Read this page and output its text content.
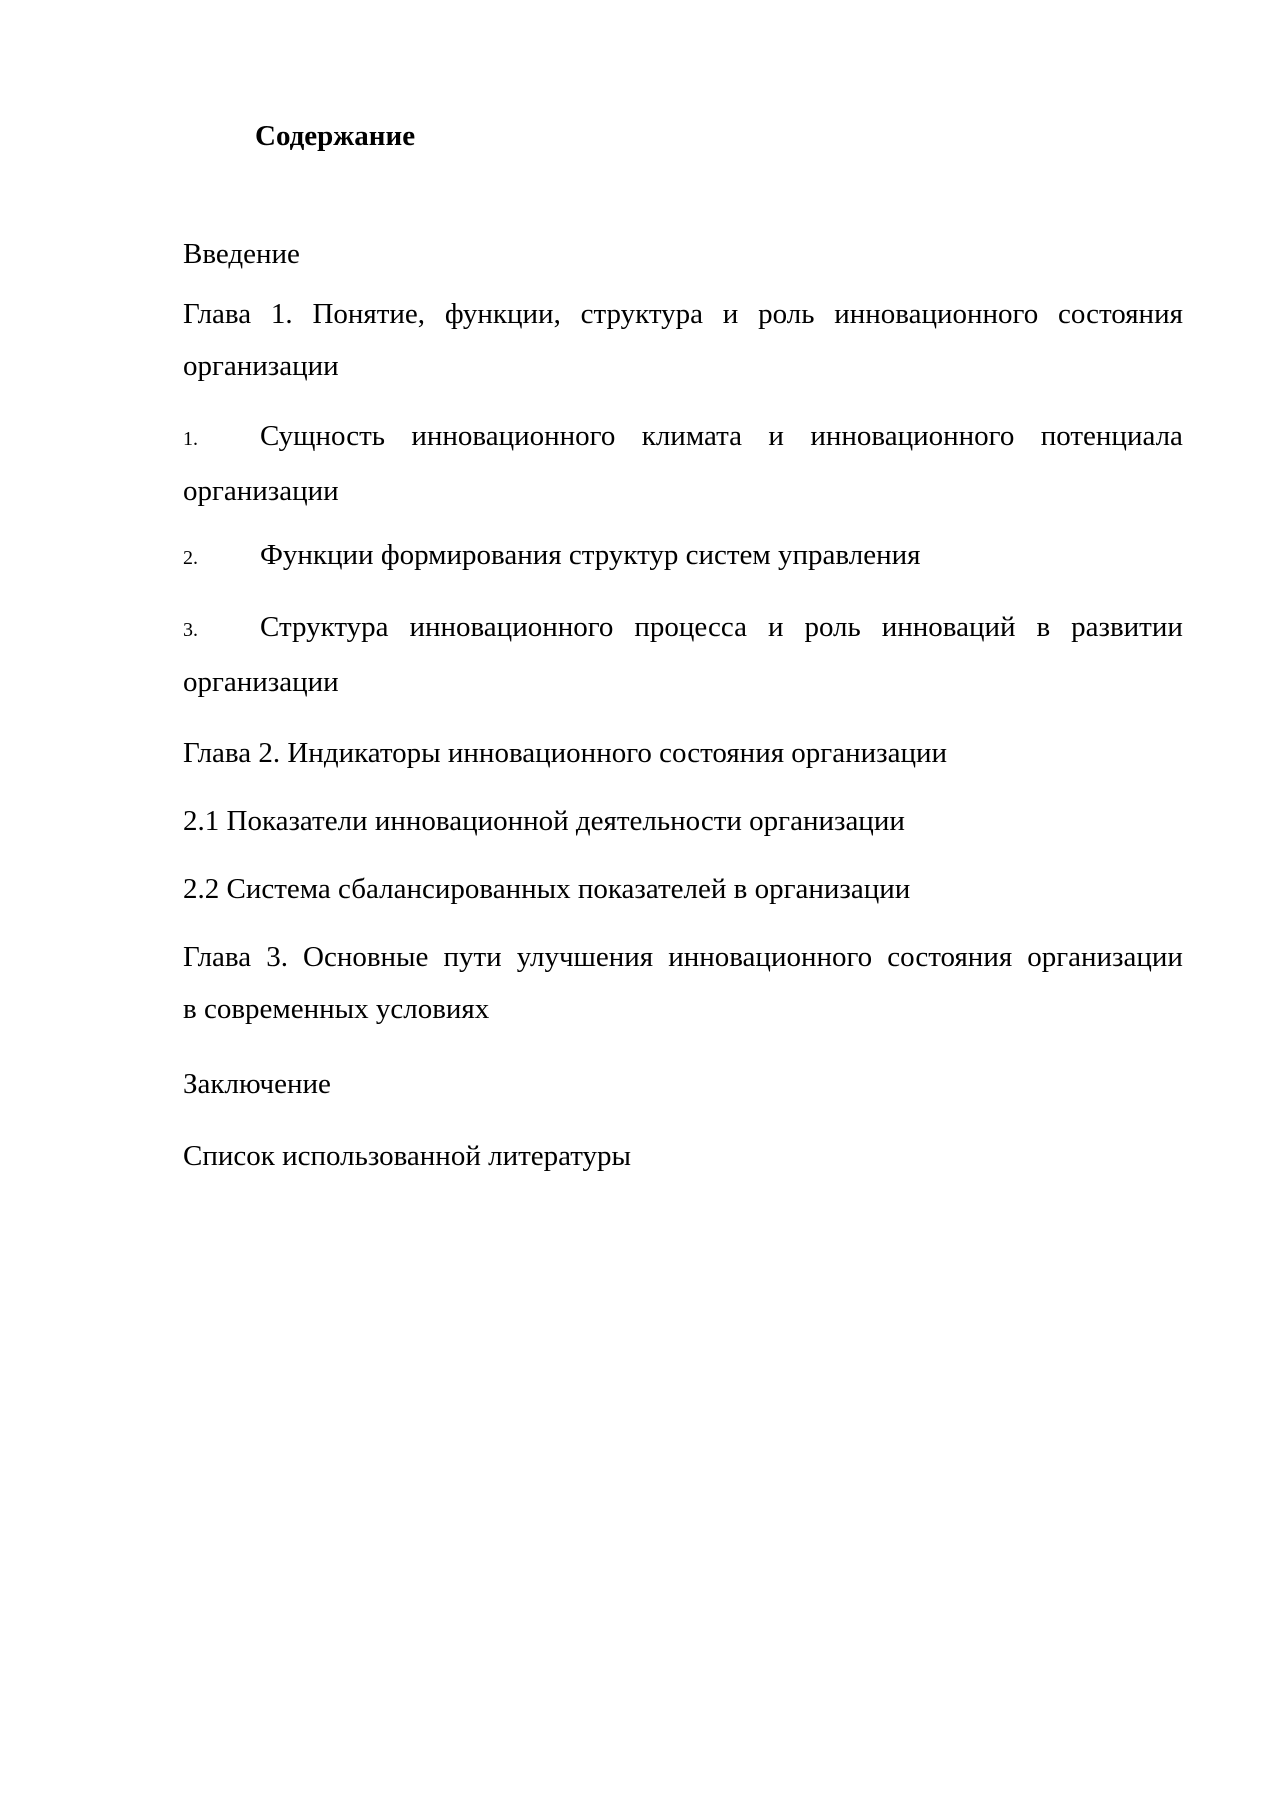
Содержание
Введение
Глава 1. Понятие, функции, структура и роль инновационного состояния
организации
1.	Сущность инновационного климата и инновационного потенциала
организации
2.	Функции формирования структур систем управления
3.	Структура инновационного процесса и роль инноваций в развитии
организации
Глава 2. Индикаторы инновационного состояния организации
2.1 Показатели инновационной деятельности организации
2.2 Система сбалансированных показателей в организации
Глава 3. Основные пути улучшения инновационного состояния организации
в современных условиях
Заключение
Список использованной литературы
